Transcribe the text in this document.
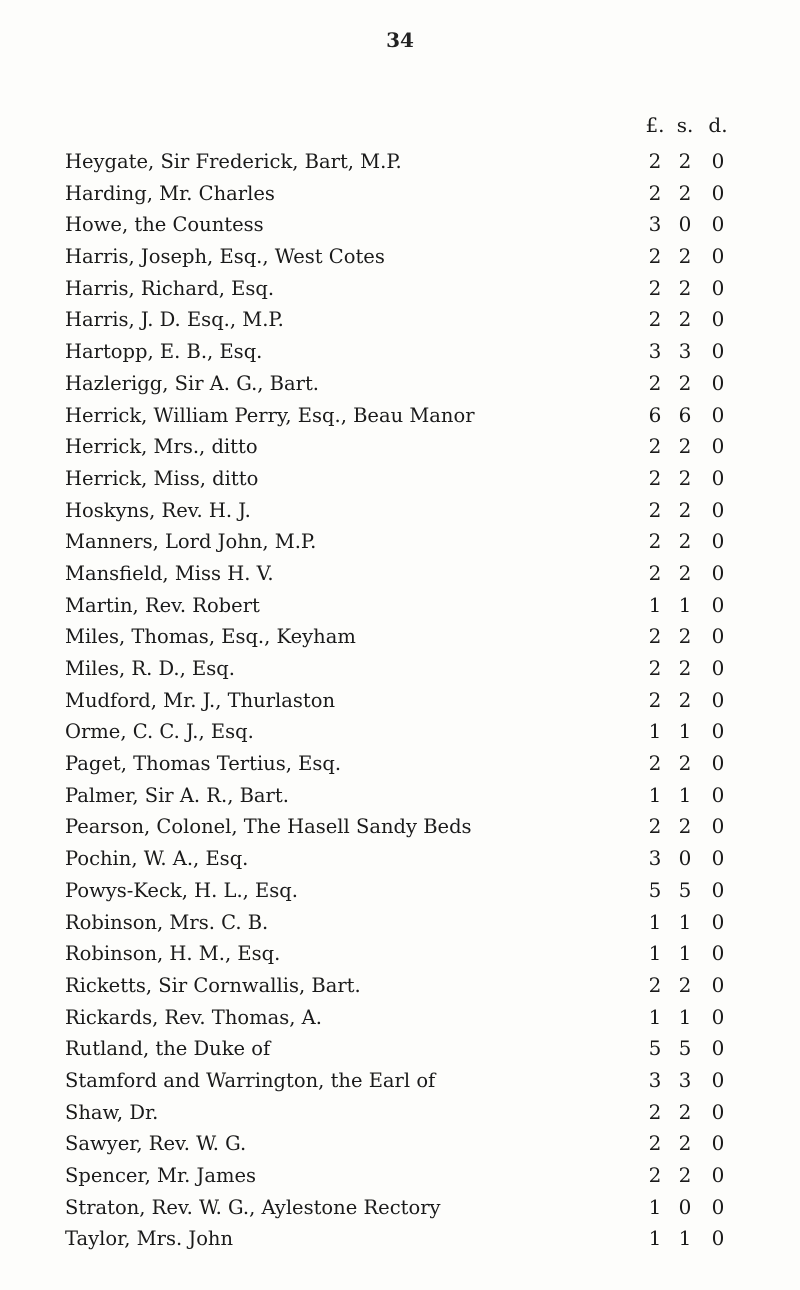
34
£. s. d.
Heygate, Sir Frederick, Bart, M.P.	2 2	0
Harding, Mr. Charles	2 2	0
Howe, the Countess	3 0	0
Harris, Joseph, Esq., West Cotes	2 2	0
Harris, Richard, Esq.	2 2	0
Harris, J. D. Esq., M.P.	2 2	0
Hartopp, E. B., Esq.	3 3	0
Hazlerigg, Sir A. G., Bart.	2 2	0
Herrick, William Perry, Esq., Beau Manor	6 6	0
Herrick, Mrs., ditto	2 2	0
Herrick, Miss, ditto	2 2	0
Hoskyns, Rev. H. J.	2 2	0
Manners, Lord John, M.P.	2 2	0
Mansfield, Miss H. V.	2 2	0
Martin, Rev. Robert	1 1	0
Miles, Thomas, Esq., Keyham	2 2	0
Miles, R. D., Esq.	2 2	0
Mudford, Mr. J., Thurlaston	2 2	0
Orme, C. C. J., Esq.	1 1	0
Paget, Thomas Tertius, Esq.	2 2	0
Palmer, Sir A. R., Bart.	1 1	0
Pearson, Colonel, The Hasell Sandy Beds	2 2	0
Pochin, W. A., Esq.	3 0	0
Powys-Keck, H. L., Esq.	5 5	0
Robinson, Mrs. C. B.	1 1	0
Robinson, H. M., Esq.	1 1	0
Ricketts, Sir Cornwallis, Bart.	2 2	0
Rickards, Rev. Thomas, A.	1 1	0
Rutland, the Duke of	5 5	0
Stamford and Warrington, the Earl of	3 3	0
Shaw, Dr.	2 2	0
Sawyer, Rev. W. G.	2 2	0
Spencer, Mr. James	2 2	0
Straton, Rev. W. G., Aylestone Rectory	1 0	0
Taylor, Mrs. John	1 1	0
